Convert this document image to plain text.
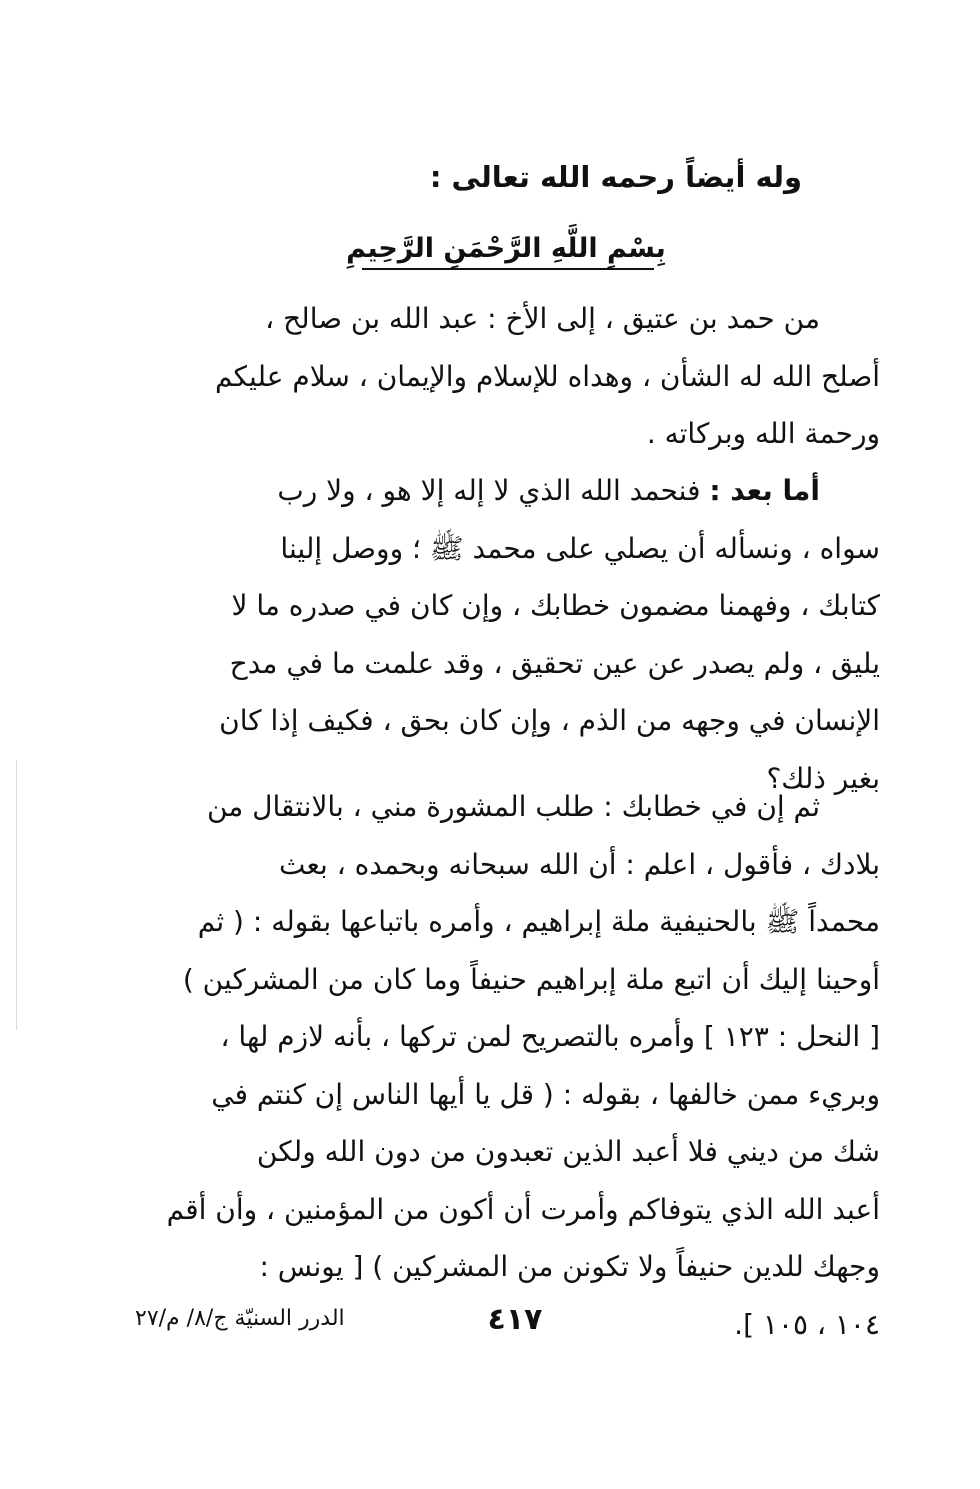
وله أيضاً رحمه الله تعالى :
بِسْمِ اللَّهِ الرَّحْمَنِ الرَّحِيمِ
من حمد بن عتيق ، إلى الأخ : عبد الله بن صالح ،
أصلح الله له الشأن ، وهداه للإسلام والإيمان ، سلام عليكم
ورحمة الله وبركاته .
أما بعد : فنحمد الله الذي لا إله إلا هو ، ولا رب
سواه ، ونسأله أن يصلي على محمد ﷺ ؛ ووصل إلينا
كتابك ، وفهمنا مضمون خطابك ، وإن كان في صدره ما لا
يليق ، ولم يصدر عن عين تحقيق ، وقد علمت ما في مدح
الإنسان في وجهه من الذم ، وإن كان بحق ، فكيف إذا كان
بغير ذلك؟
ثم إن في خطابك : طلب المشورة مني ، بالانتقال من
بلادك ، فأقول ، اعلم : أن الله سبحانه وبحمده ، بعث
محمداً ﷺ بالحنيفية ملة إبراهيم ، وأمره باتباعها بقوله : ( ثم
أوحينا إليك أن اتبع ملة إبراهيم حنيفاً وما كان من المشركين )
[ النحل : ١٢٣ ] وأمره بالتصريح لمن تركها ، بأنه لازم لها ،
وبريء ممن خالفها ، بقوله : ( قل يا أيها الناس إن كنتم في
شك من ديني فلا أعبد الذين تعبدون من دون الله ولكن
أعبد الله الذي يتوفاكم وأمرت أن أكون من المؤمنين ، وأن أقم
وجهك للدين حنيفاً ولا تكونن من المشركين ) [ يونس :
١٠٤ ، ١٠٥ ].
الدرر السنيّة ج/٨/ م/٢٧	٤١٧
